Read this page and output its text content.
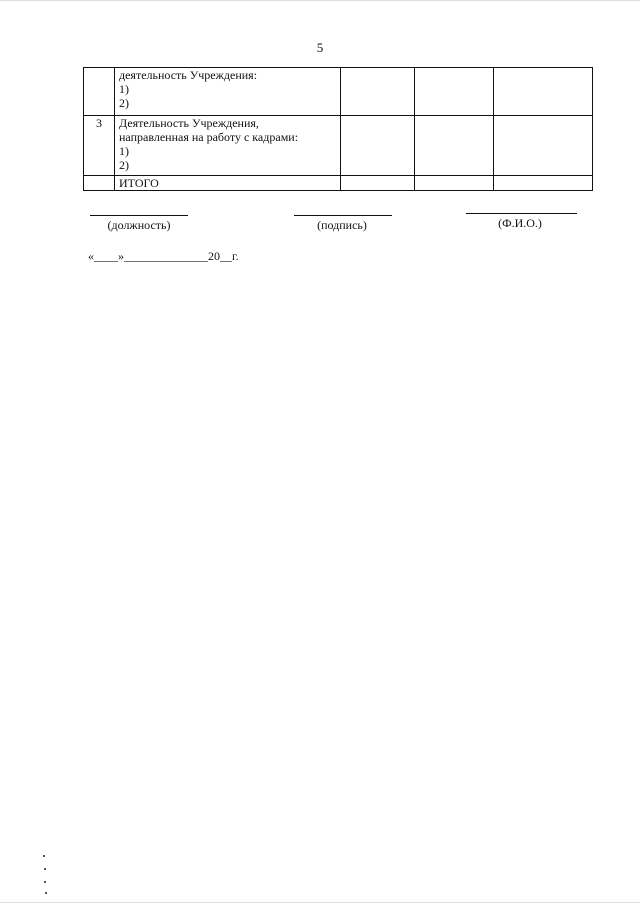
5

	деятельность Учреждения:
1)
2)			

3	Деятельность Учреждения,
направленная на работу с кадрами:
1)
2)			

	ИТОГО			

(должность)	(подпись)	(Ф.И.О.)
«____»______________20__г.
